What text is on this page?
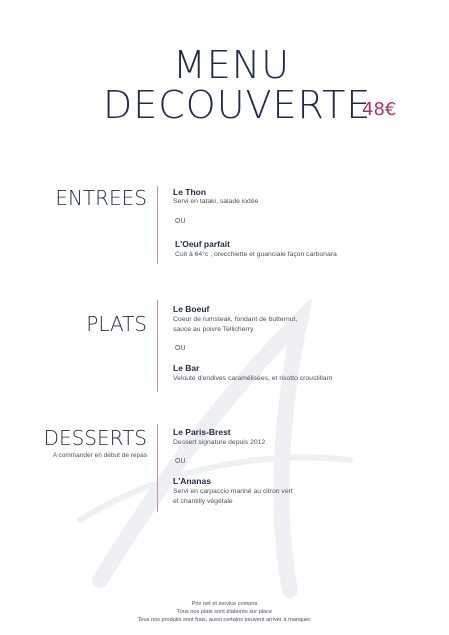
MENU
DECOUVERTE
48€
ENTREES	Le Thon
Servi en tataki, salade iodée
OU
L'Oeuf parfait
Cuit à 64°c , orecchiette et guanciale façon carbonara
PLATS
Le Boeuf
Coeur de rumsteak, fondant de butternut,
sauce au poivre Tellicherry
OU
Le Bar
Velouté d'endives caramélisées, et risotto croustillant
DESSERTS
A commander en début de repas
Le Paris-Brest
Dessert signature depuis 2012
OU
L'Ananas
Servi en carpaccio mariné au citron vert
et chantilly végétale
Prix net et service compris
Tous nos plats sont élaborés sur place
Tous nos produits sont frais, aussi certains peuvent arriver à manquer.
